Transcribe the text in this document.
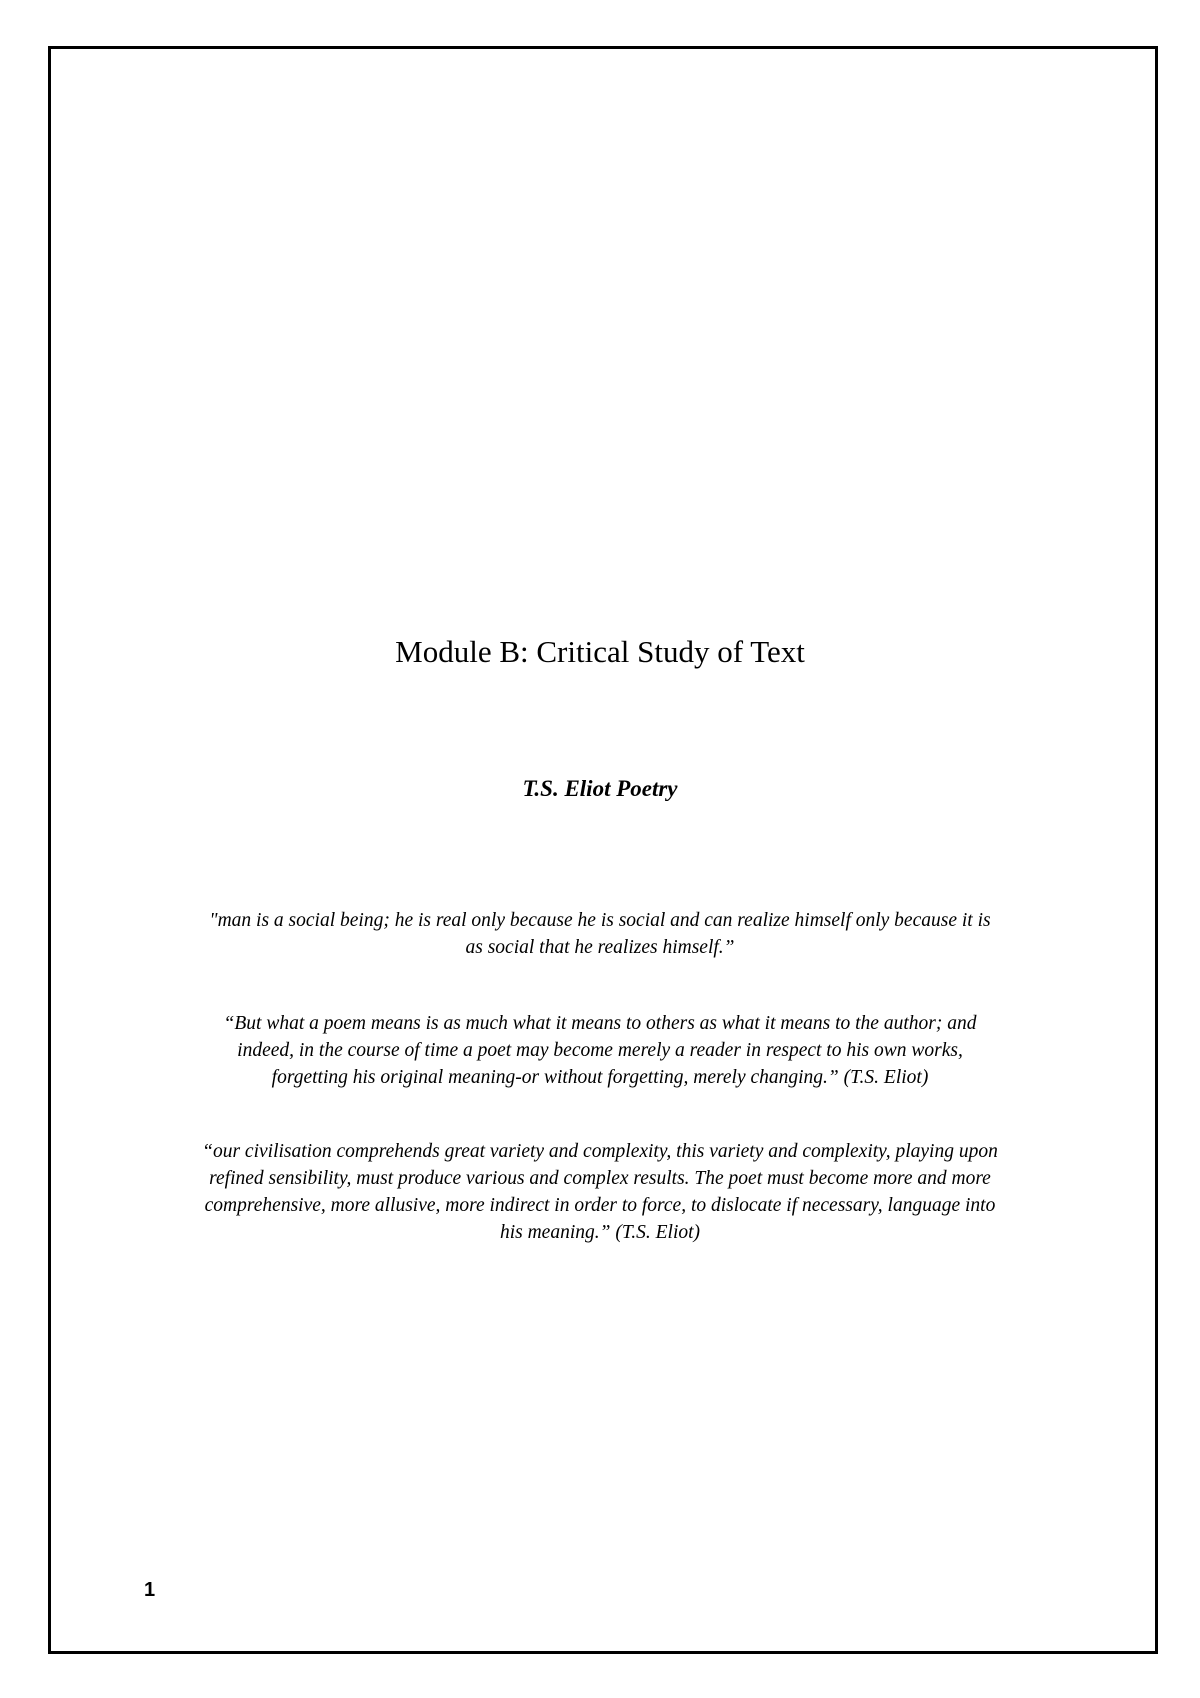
Module B: Critical Study of Text
T.S. Eliot Poetry
"man is a social being; he is real only because he is social and can realize himself only because it is
as social that he realizes himself.”
“But what a poem means is as much what it means to others as what it means to the author; and
indeed, in the course of time a poet may become merely a reader in respect to his own works,
forgetting his original meaning-or without forgetting, merely changing.” (T.S. Eliot)
“our civilisation comprehends great variety and complexity, this variety and complexity, playing upon
refined sensibility, must produce various and complex results. The poet must become more and more
comprehensive, more allusive, more indirect in order to force, to dislocate if necessary, language into
his meaning.” (T.S. Eliot)
1
